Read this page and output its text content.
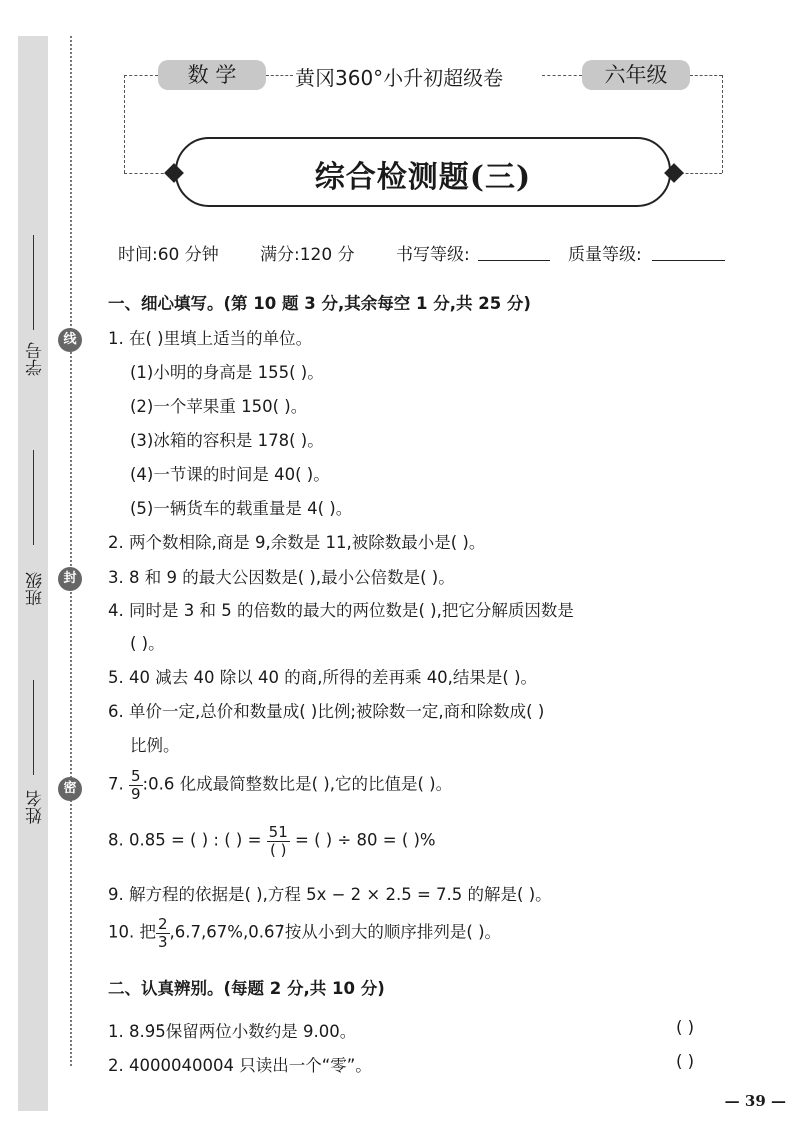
学号
班级
姓名
线
封
密
数 学	黄冈360°小升初超级卷	六年级
综合检测题(三)
时间:60 分钟 满分:120 分 书写等级:	质量等级:
一、细心填写。(第 10 题 3 分,其余每空 1 分,共 25 分)
1. 在( )里填上适当的单位。
(1)小明的身高是 155( )。
(2)一个苹果重 150( )。
(3)冰箱的容积是 178( )。
(4)一节课的时间是 40( )。
(5)一辆货车的载重量是 4( )。
2. 两个数相除,商是 9,余数是 11,被除数最小是( )。
3. 8 和 9 的最大公因数是( ),最小公倍数是( )。
4. 同时是 3 和 5 的倍数的最大的两位数是( ),把它分解质因数是
( )。
5. 40 减去 40 除以 40 的商,所得的差再乘 40,结果是( )。
6. 单价一定,总价和数量成( )比例;被除数一定,商和除数成( )
比例。
7. $\frac{5}{9}$ :0.6 化成最简整数比是( ),它的比值是( )。
8. 0.85 = ( ) : ( ) = $\frac{51}{( )}$ = ( ) ÷ 80 = ( )%
9. 解方程的依据是( ),方程 5x − 2 × 2.5 = 7.5 的解是( )。
10. 把 $\frac{2}{3}$ ,6.7,67%,0.6̇7̇按从小到大的顺序排列是( )。
二、认真辨别。(每题 2 分,共 10 分)
1. 8.9̇5̇保留两位小数约是 9.00。	( )
2. 4000040004 只读出一个“零”。	( )
— 39 —
